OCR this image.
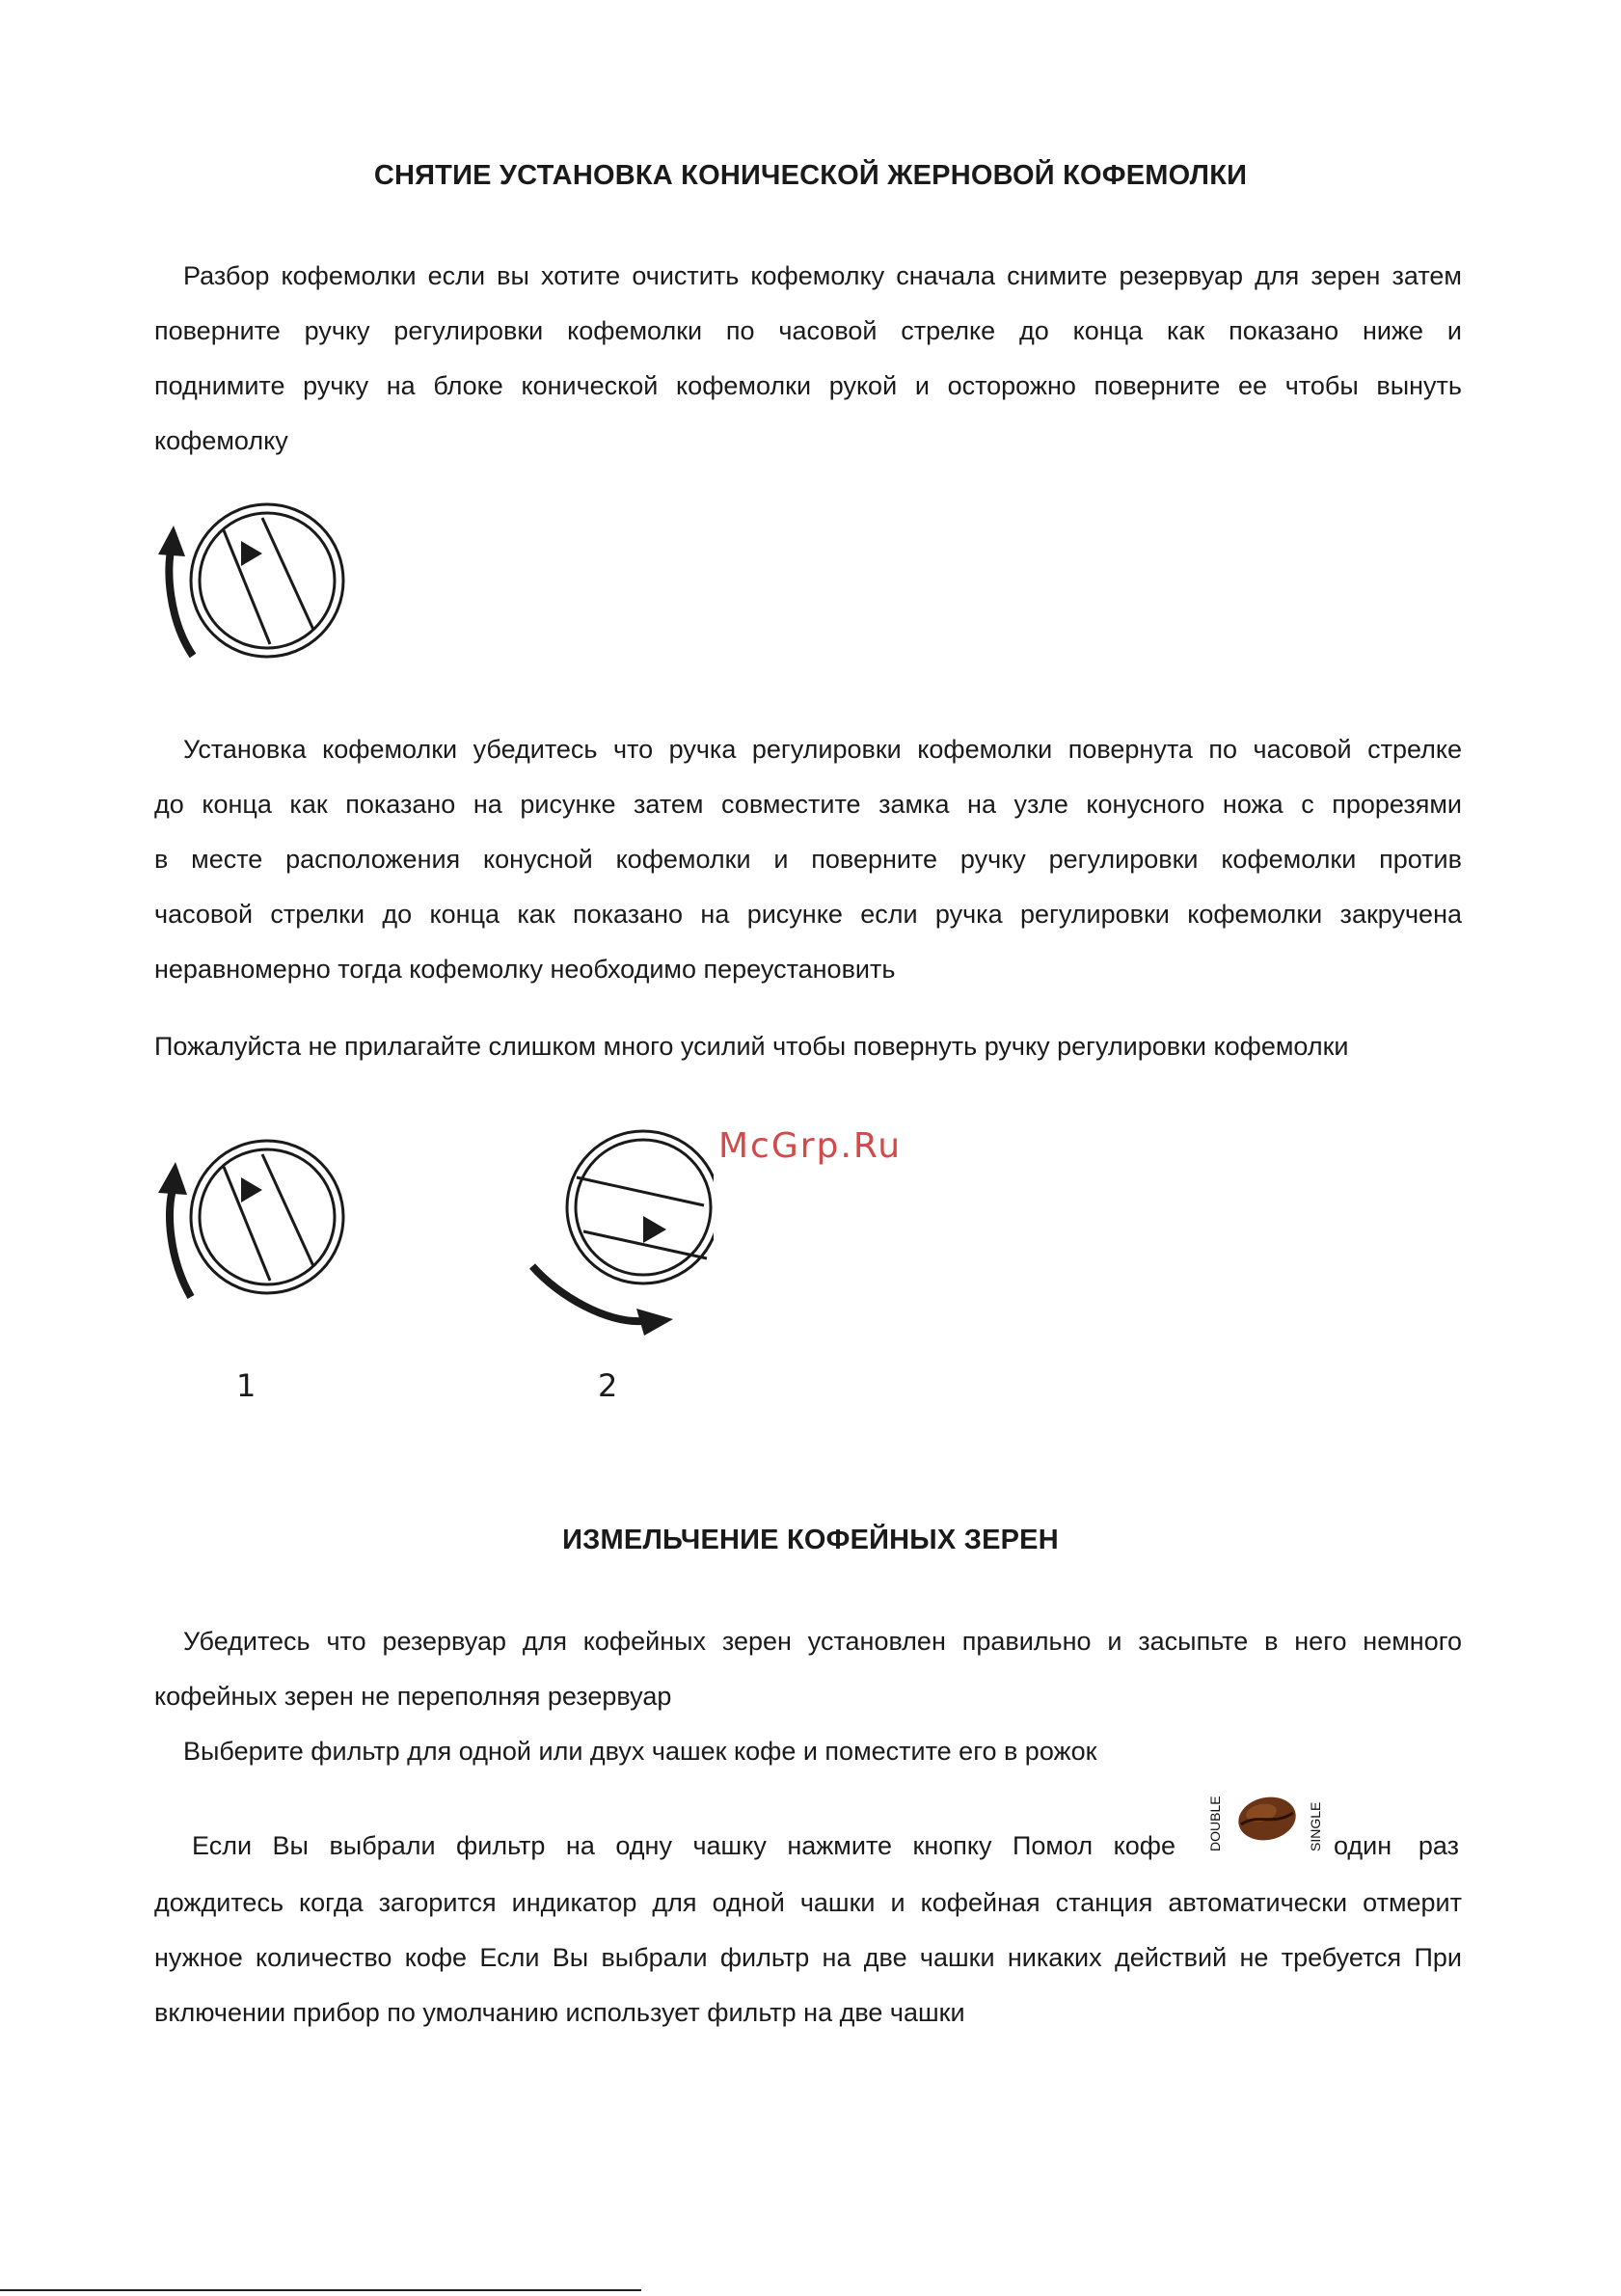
СНЯТИЕ УСТАНОВКА КОНИЧЕСКОЙ ЖЕРНОВОЙ КОФЕМОЛКИ
Разбор кофемолки если вы хотите очистить кофемолку сначала снимите резервуар для зерен затем
поверните ручку регулировки кофемолки по часовой стрелке до конца как показано ниже и
поднимите ручку на блоке конической кофемолки рукой и осторожно поверните ее чтобы вынуть
кофемолку
Установка кофемолки убедитесь что ручка регулировки кофемолки повернута по часовой стрелке
до конца как показано на рисунке затем совместите замка на узле конусного ножа с прорезями
в месте расположения конусной кофемолки и поверните ручку регулировки кофемолки против
часовой стрелки до конца как показано на рисунке если ручка регулировки кофемолки закручена
неравномерно тогда кофемолку необходимо переустановить
Пожалуйста не прилагайте слишком много усилий чтобы повернуть ручку регулировки кофемолки
1	2
McGrp.Ru
ИЗМЕЛЬЧЕНИЕ КОФЕЙНЫХ ЗЕРЕН
Убедитесь что резервуар для кофейных зерен установлен правильно и засыпьте в него немного
кофейных зерен не переполняя резервуар
Выберите фильтр для одной или двух чашек кофе и поместите его в рожок
Если Вы выбрали фильтр на одну чашку нажмите кнопку Помол кофе DOUBLE	SINGLE один раз
дождитесь когда загорится индикатор для одной чашки и кофейная станция автоматически отмерит
нужное количество кофе Если Вы выбрали фильтр на две чашки никаких действий не требуется При
включении прибор по умолчанию использует фильтр на две чашки
